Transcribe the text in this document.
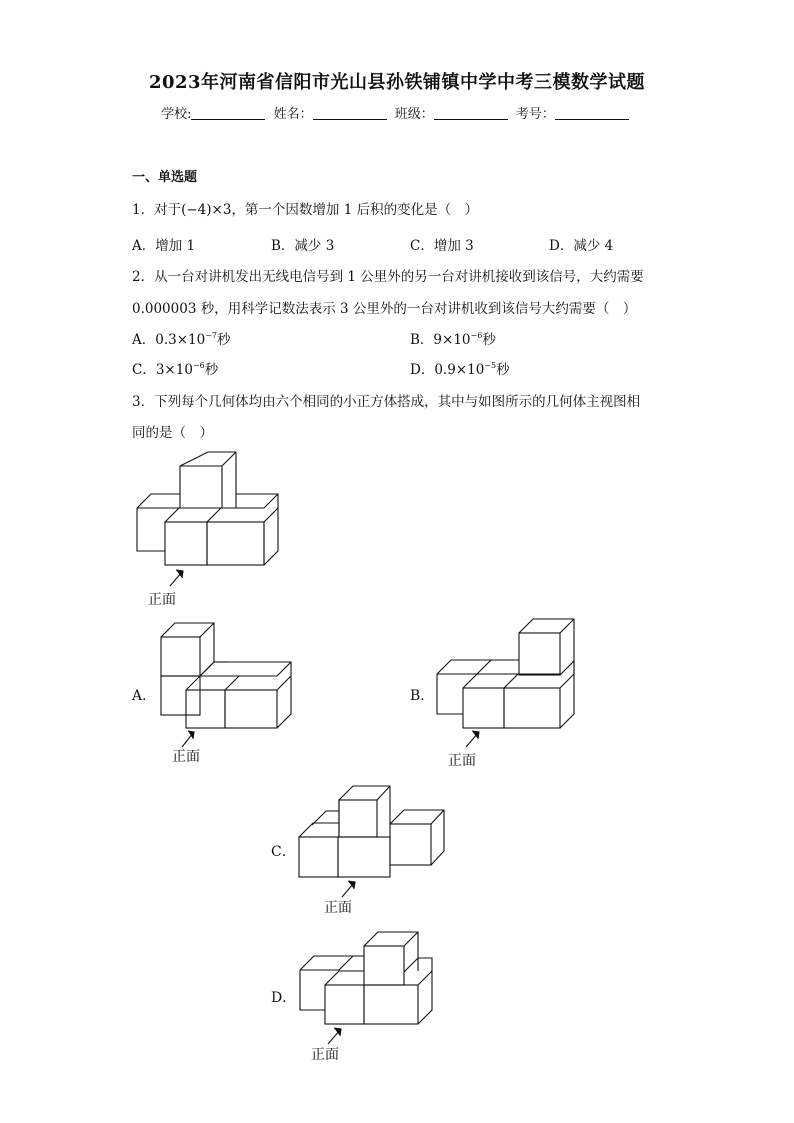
2023年河南省信阳市光山县孙铁铺镇中学中考三模数学试题
学校:	姓名：	班级：	考号：
一、单选题
1．对于(−4)×3，第一个因数增加 1 后积的变化是（　）
A．增加 1	B．减少 3	C．增加 3	D．减少 4
2．从一台对讲机发出无线电信号到 1 公里外的另一台对讲机接收到该信号，大约需要
0.000003 秒，用科学记数法表示 3 公里外的一台对讲机收到该信号大约需要（　）
A．$0.3\times 10^{-7}$秒	B．$9\times 10^{-6}$秒
C．$3\times 10^{-6}$秒	D．$0.9\times 10^{-5}$秒
3．下列每个几何体均由六个相同的小正方体搭成，其中与如图所示的几何体主视图相
同的是（　）
正面
A．
正面
B．
正面
C．
正面
D．
正面
